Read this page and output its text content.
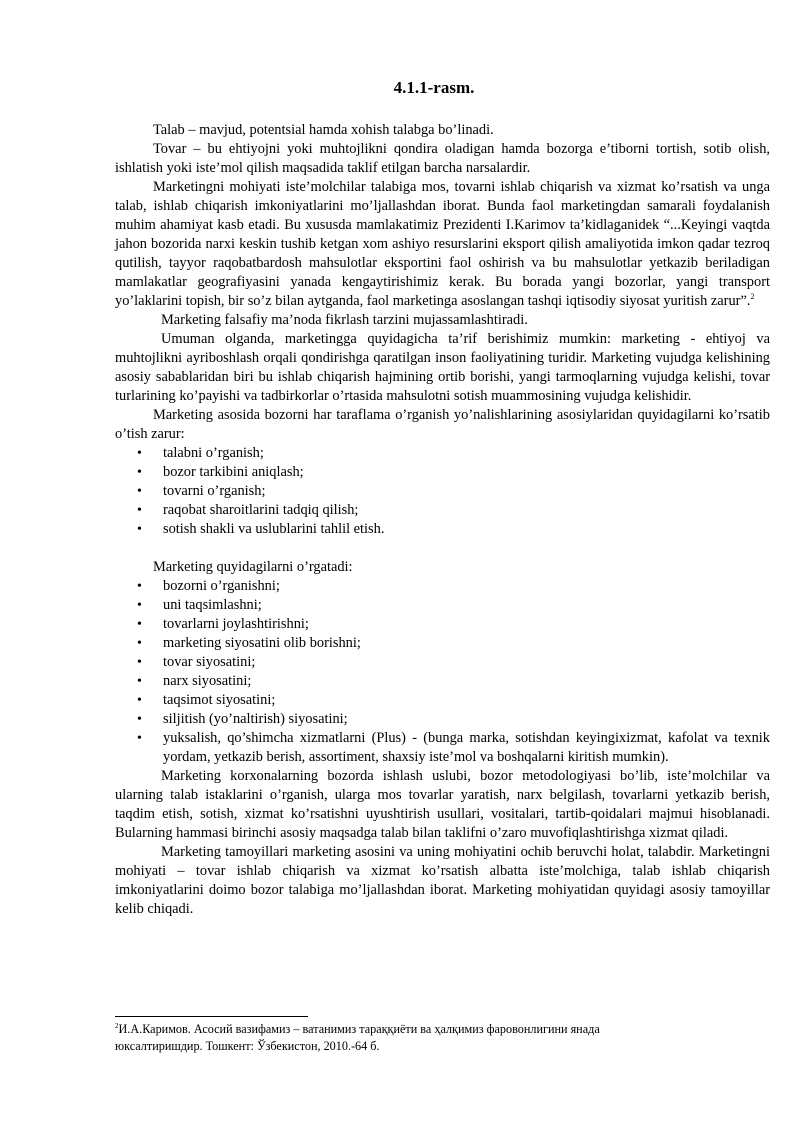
4.1.1-rasm.

Talab – mavjud, potentsial hamda xohish talabga bo’linadi.

Tovar – bu ehtiyojni yoki muhtojlikni qondira oladigan hamda bozorga e’tiborni tortish, sotib olish, ishlatish yoki iste’mol qilish maqsadida taklif etilgan barcha narsalardir.

Marketingni mohiyati iste’molchilar talabiga mos, tovarni ishlab chiqarish va xizmat ko’rsatish va unga talab, ishlab chiqarish imkoniyatlarini mo’ljallashdan iborat. Bunda faol marketingdan samarali foydalanish muhim ahamiyat kasb etadi. Bu xususda mamlakatimiz Prezidenti I.Karimov ta’kidlaganidek “...Keyingi vaqtda jahon bozorida narxi keskin tushib ketgan xom ashiyo resurslarini eksport qilish amaliyotida imkon qadar tezroq qutilish, tayyor raqobatbardosh mahsulotlar eksportini faol oshirish va bu mahsulotlar yetkazib beriladigan mamlakatlar geografiyasini yanada kengaytirishimiz kerak. Bu borada yangi bozorlar, yangi transport yo’laklarini topish, bir so’z bilan aytganda, faol marketinga asoslangan tashqi iqtisodiy siyosat yuritish zarur”.$^2$

Marketing falsafiy ma’noda fikrlash tarzini mujassamlashtiradi.

Umuman olganda, marketingga quyidagicha ta’rif berishimiz mumkin: marketing - ehtiyoj va muhtojlikni ayriboshlash orqali qondirishga qaratilgan inson faoliyatining turidir. Marketing vujudga kelishining asosiy sabablaridan biri bu ishlab chiqarish hajmining ortib borishi, yangi tarmoqlarning vujudga kelishi, tovar turlarining ko’payishi va tadbirkorlar o’rtasida mahsulotni sotish muammosining vujudga kelishidir.

Marketing asosida bozorni har taraflama o’rganish yo’nalishlarining asosiylaridan quyidagilarni ko’rsatib o’tish zarur:

• talabni o’rganish;
• bozor tarkibini aniqlash;
• tovarni o’rganish;
• raqobat sharoitlarini tadqiq qilish;
• sotish shakli va uslublarini tahlil etish.

Marketing quyidagilarni o’rgatadi:

• bozorni o’rganishni;
• uni taqsimlashni;
• tovarlarni joylashtirishni;
• marketing siyosatini olib borishni;
• tovar siyosatini;
• narx siyosatini;
• taqsimot siyosatini;
• siljitish (yo’naltirish) siyosatini;
• yuksalish, qo’shimcha xizmatlarni (Plus) - (bunga marka, sotishdan keyingixizmat, kafolat va texnik yordam, yetkazib berish, assortiment, shaxsiy iste’mol va boshqalarni kiritish mumkin).

Marketing korxonalarning bozorda ishlash uslubi, bozor metodologiyasi bo’lib, iste’molchilar va ularning talab istaklarini o’rganish, ularga mos tovarlar yaratish, narx belgilash, tovarlarni yetkazib berish, taqdim etish, sotish, xizmat ko’rsatishni uyushtirish usullari, vositalari, tartib-qoidalari majmui hisoblanadi. Bularning hammasi birinchi asosiy maqsadga talab bilan taklifni o’zaro muvofiqlashtirishga xizmat qiladi.

Marketing tamoyillari marketing asosini va uning mohiyatini ochib beruvchi holat, talabdir. Marketingni mohiyati – tovar ishlab chiqarish va xizmat ko’rsatish albatta iste’molchiga, talab ishlab chiqarish imkoniyatlarini doimo bozor talabiga mo’ljallashdan iborat. Marketing mohiyatidan quyidagi asosiy tamoyillar kelib chiqadi.

$^2$И.А.Каримов. Асосий вазифамиз – ватанимиз тараққиёти ва ҳалқимиз фаровонлигини янада юксалтиришдир. Тошкент: Ўзбекистон, 2010.-64 б.
